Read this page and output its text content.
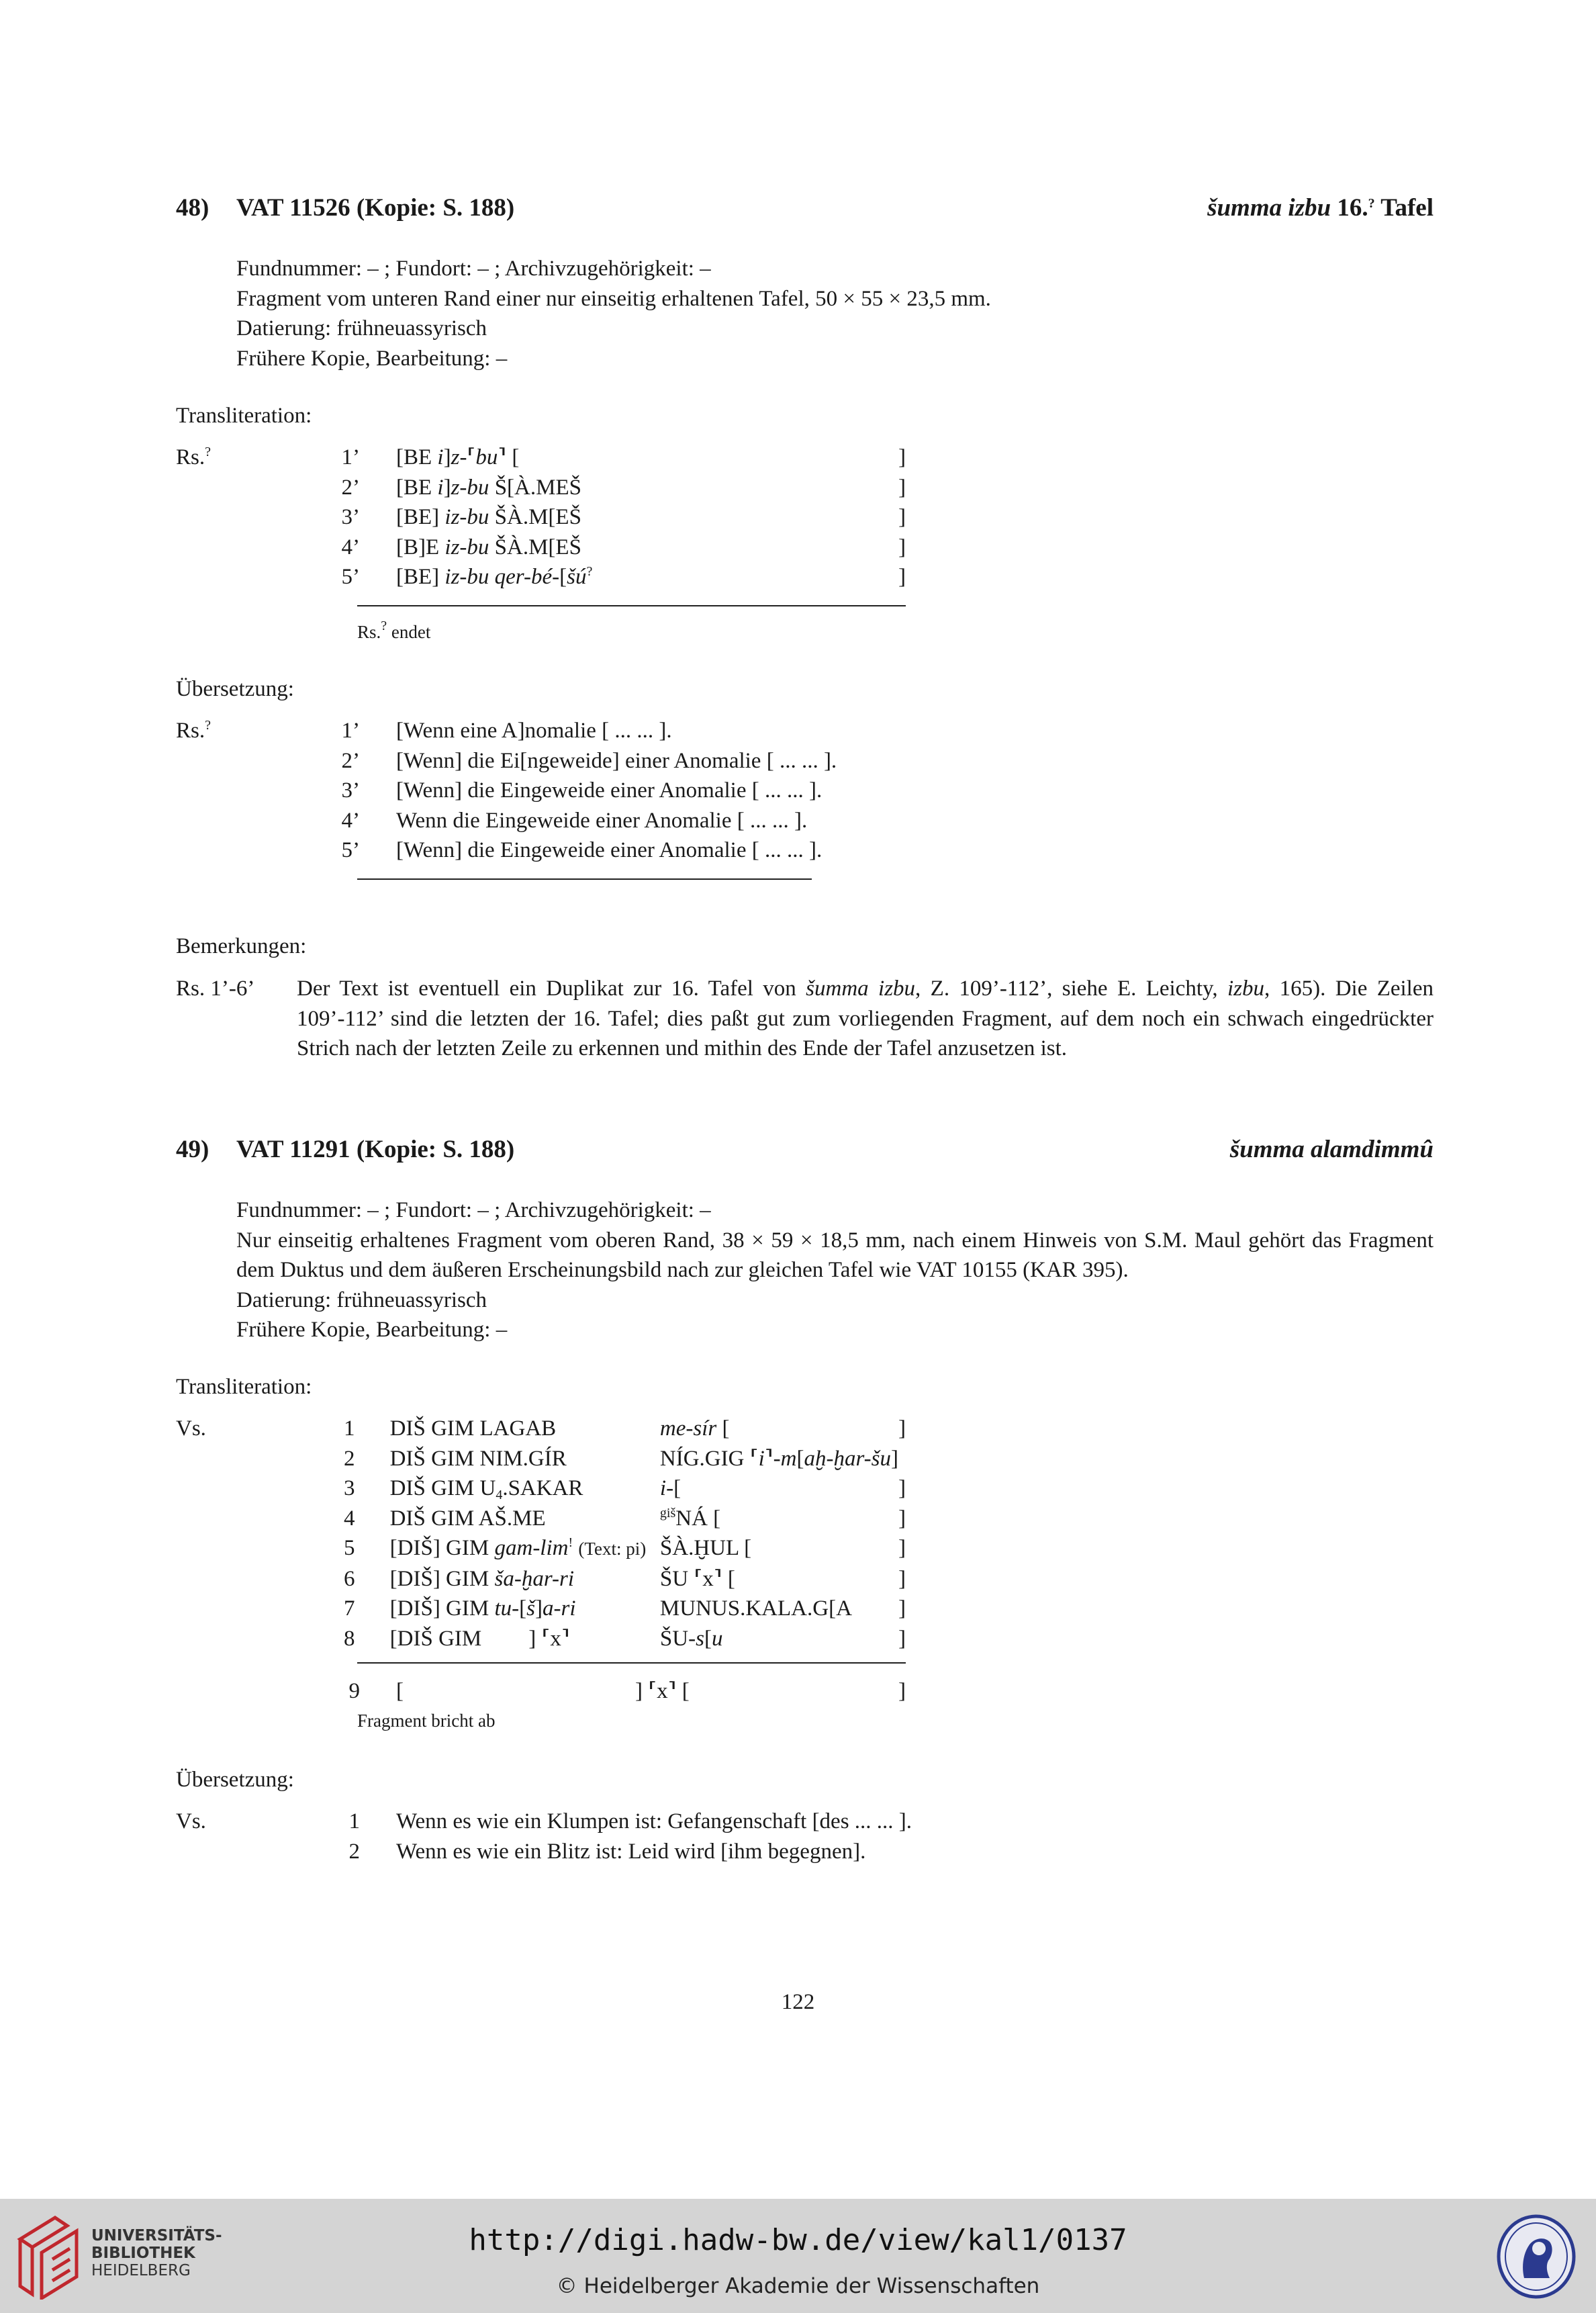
48) VAT 11526 (Kopie: S. 188)	šumma izbu 16.? Tafel
Fundnummer: – ; Fundort: – ; Archivzugehörigkeit: –
Fragment vom unteren Rand einer nur einseitig erhaltenen Tafel, 50 × 55 × 23,5 mm.
Datierung: frühneuassyrisch
Frühere Kopie, Bearbeitung: –
Transliteration:
Rs.?	1’		[BE i]z-⸢bu⸣ [	]
	2’		[BE i]z-bu Š[À.MEŠ	]
	3’		[BE] iz-bu ŠÀ.M[EŠ	]
	4’		[B]E iz-bu ŠÀ.M[EŠ	]
	5’		[BE] iz-bu qer-bé-[šú?	]
Rs.? endet
Übersetzung:
Rs.?	1’		[Wenn eine A]nomalie [ ... ... ].
	2’		[Wenn] die Ei[ngeweide] einer Anomalie [ ... ... ].
	3’		[Wenn] die Eingeweide einer Anomalie [ ... ... ].
	4’		Wenn die Eingeweide einer Anomalie [ ... ... ].
	5’		[Wenn] die Eingeweide einer Anomalie [ ... ... ].
Bemerkungen:
Rs. 1’-6’ Der Text ist eventuell ein Duplikat zur 16. Tafel von šumma izbu, Z. 109’-112’, siehe E. Leichty, izbu, 165). Die Zeilen 109’-112’ sind die letzten der 16. Tafel; dies paßt gut zum vorliegenden Fragment, auf dem noch ein schwach eingedrückter Strich nach der letzten Zeile zu erkennen und mithin des Ende der Tafel anzusetzen ist.
49) VAT 11291 (Kopie: S. 188)	šumma alamdimmû
Fundnummer: – ; Fundort: – ; Archivzugehörigkeit: –
Nur einseitig erhaltenes Fragment vom oberen Rand, 38 × 59 × 18,5 mm, nach einem Hinweis von S.M. Maul gehört das Fragment dem Duktus und dem äußeren Erscheinungsbild nach zur gleichen Tafel wie VAT 10155 (KAR 395).
Datierung: frühneuassyrisch
Frühere Kopie, Bearbeitung: –
Transliteration:
Vs.	1		DIŠ GIM LAGAB	me-sír [	]
	2		DIŠ GIM NIM.GÍR	NÍG.GIG ⸢i⸣-m[aḫ-ḫar-šu]	
	3		DIŠ GIM $U_4.SAKAR$	i-[	]
	4		DIŠ GIM AŠ.ME	$^{giš}$NÁ [	]
	5		[DIŠ] GIM gam-lim! (Text: pi)	ŠÀ.ḪUL [	]
	6		[DIŠ] GIM ša-ḫar-ri	ŠU ⸢x⸣ [	]
	7		[DIŠ] GIM tu-[š]a-ri	MUNUS.KALA.G[A	]
	8		[DIŠ GIM ] ⸢x⸣	ŠU-s[u	]
	9		[	] ⸢x⸣ [	]
Fragment bricht ab
Übersetzung:
Vs.	1		Wenn es wie ein Klumpen ist: Gefangenschaft [des ... ... ].
	2		Wenn es wie ein Blitz ist: Leid wird [ihm begegnen].
122
UNIVERSITÄTS-
BIBLIOTHEK
HEIDELBERG
http://digi.hadw-bw.de/view/kal1/0137
© Heidelberger Akademie der Wissenschaften
